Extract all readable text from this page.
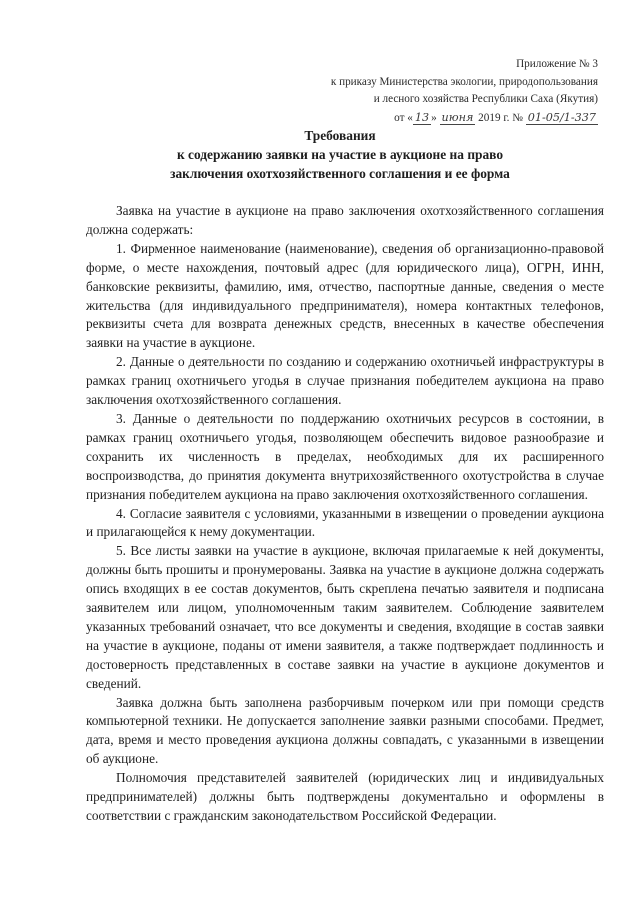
Приложение № 3
к приказу Министерства экологии, природопользования
и лесного хозяйства Республики Саха (Якутия)
от « 13 » июня 2019 г. № 01-05/1-337
Требования
к содержанию заявки на участие в аукционе на право
заключения охотхозяйственного соглашения и ее форма

Заявка на участие в аукционе на право заключения охотхозяйственного соглашения должна содержать:

1. Фирменное наименование (наименование), сведения об организационно-правовой форме, о месте нахождения, почтовый адрес (для юридического лица), ОГРН, ИНН, банковские реквизиты, фамилию, имя, отчество, паспортные данные, сведения о месте жительства (для индивидуального предпринимателя), номера контактных телефонов, реквизиты счета для возврата денежных средств, внесенных в качестве обеспечения заявки на участие в аукционе.

2. Данные о деятельности по созданию и содержанию охотничьей инфраструктуры в рамках границ охотничьего угодья в случае признания победителем аукциона на право заключения охотхозяйственного соглашения.

3. Данные о деятельности по поддержанию охотничьих ресурсов в состоянии, в рамках границ охотничьего угодья, позволяющем обеспечить видовое разнообразие и сохранить их численность в пределах, необходимых для их расширенного воспроизводства, до принятия документа внутрихозяйственного охотустройства в случае признания победителем аукциона на право заключения охотхозяйственного соглашения.

4. Согласие заявителя с условиями, указанными в извещении о проведении аукциона и прилагающейся к нему документации.

5. Все листы заявки на участие в аукционе, включая прилагаемые к ней документы, должны быть прошиты и пронумерованы. Заявка на участие в аукционе должна содержать опись входящих в ее состав документов, быть скреплена печатью заявителя и подписана заявителем или лицом, уполномоченным таким заявителем. Соблюдение заявителем указанных требований означает, что все документы и сведения, входящие в состав заявки на участие в аукционе, поданы от имени заявителя, а также подтверждает подлинность и достоверность представленных в составе заявки на участие в аукционе документов и сведений.

Заявка должна быть заполнена разборчивым почерком или при помощи средств компьютерной техники. Не допускается заполнение заявки разными способами. Предмет, дата, время и место проведения аукциона должны совпадать, с указанными в извещении об аукционе.

Полномочия представителей заявителей (юридических лиц и индивидуальных предпринимателей) должны быть подтверждены документально и оформлены в соответствии с гражданским законодательством Российской Федерации.
